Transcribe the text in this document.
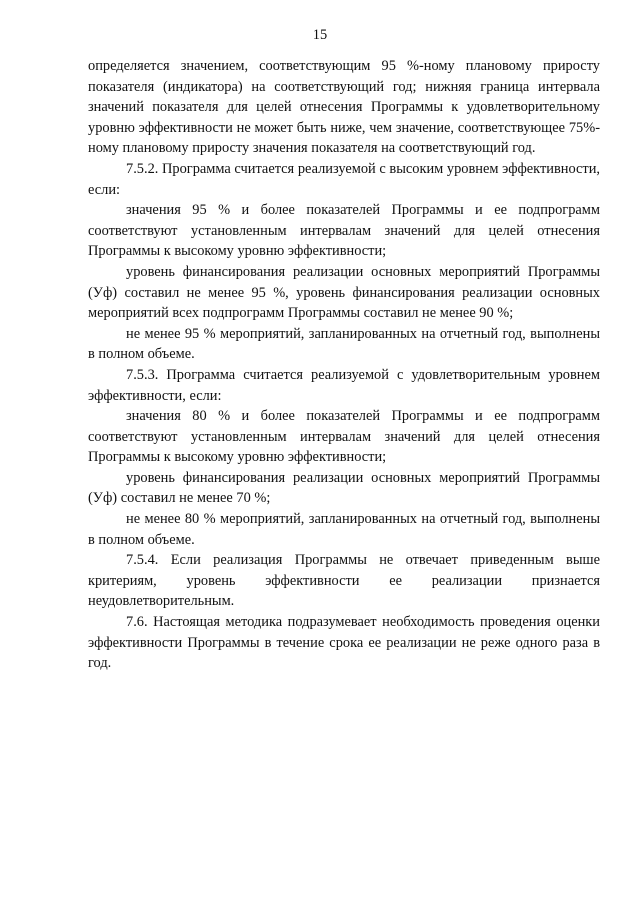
15

определяется значением, соответствующим 95 %-ному плановому приросту показателя (индикатора) на соответствующий год; нижняя граница интервала значений показателя для целей отнесения Программы к удовлетворительному уровню эффективности не может быть ниже, чем значение, соответствующее 75%-ному плановому приросту значения показателя на соответствующий год.

7.5.2. Программа считается реализуемой с высоким уровнем эффективности, если:

значения 95 % и более показателей Программы и ее подпрограмм соответствуют установленным интервалам значений для целей отнесения Программы к высокому уровню эффективности;

уровень финансирования реализации основных мероприятий Программы (Уф) составил не менее 95 %, уровень финансирования реализации основных мероприятий всех подпрограмм Программы составил не менее 90 %;

не менее 95 % мероприятий, запланированных на отчетный год, выполнены в полном объеме.

7.5.3. Программа считается реализуемой с удовлетворительным уровнем эффективности, если:

значения 80 % и более показателей Программы и ее подпрограмм соответствуют установленным интервалам значений для целей отнесения Программы к высокому уровню эффективности;

уровень финансирования реализации основных мероприятий Программы (Уф) составил не менее 70 %;

не менее 80 % мероприятий, запланированных на отчетный год, выполнены в полном объеме.

7.5.4. Если реализация Программы не отвечает приведенным выше критериям, уровень эффективности ее реализации признается неудовлетворительным.

7.6. Настоящая методика подразумевает необходимость проведения оценки эффективности Программы в течение срока ее реализации не реже одного раза в год.
